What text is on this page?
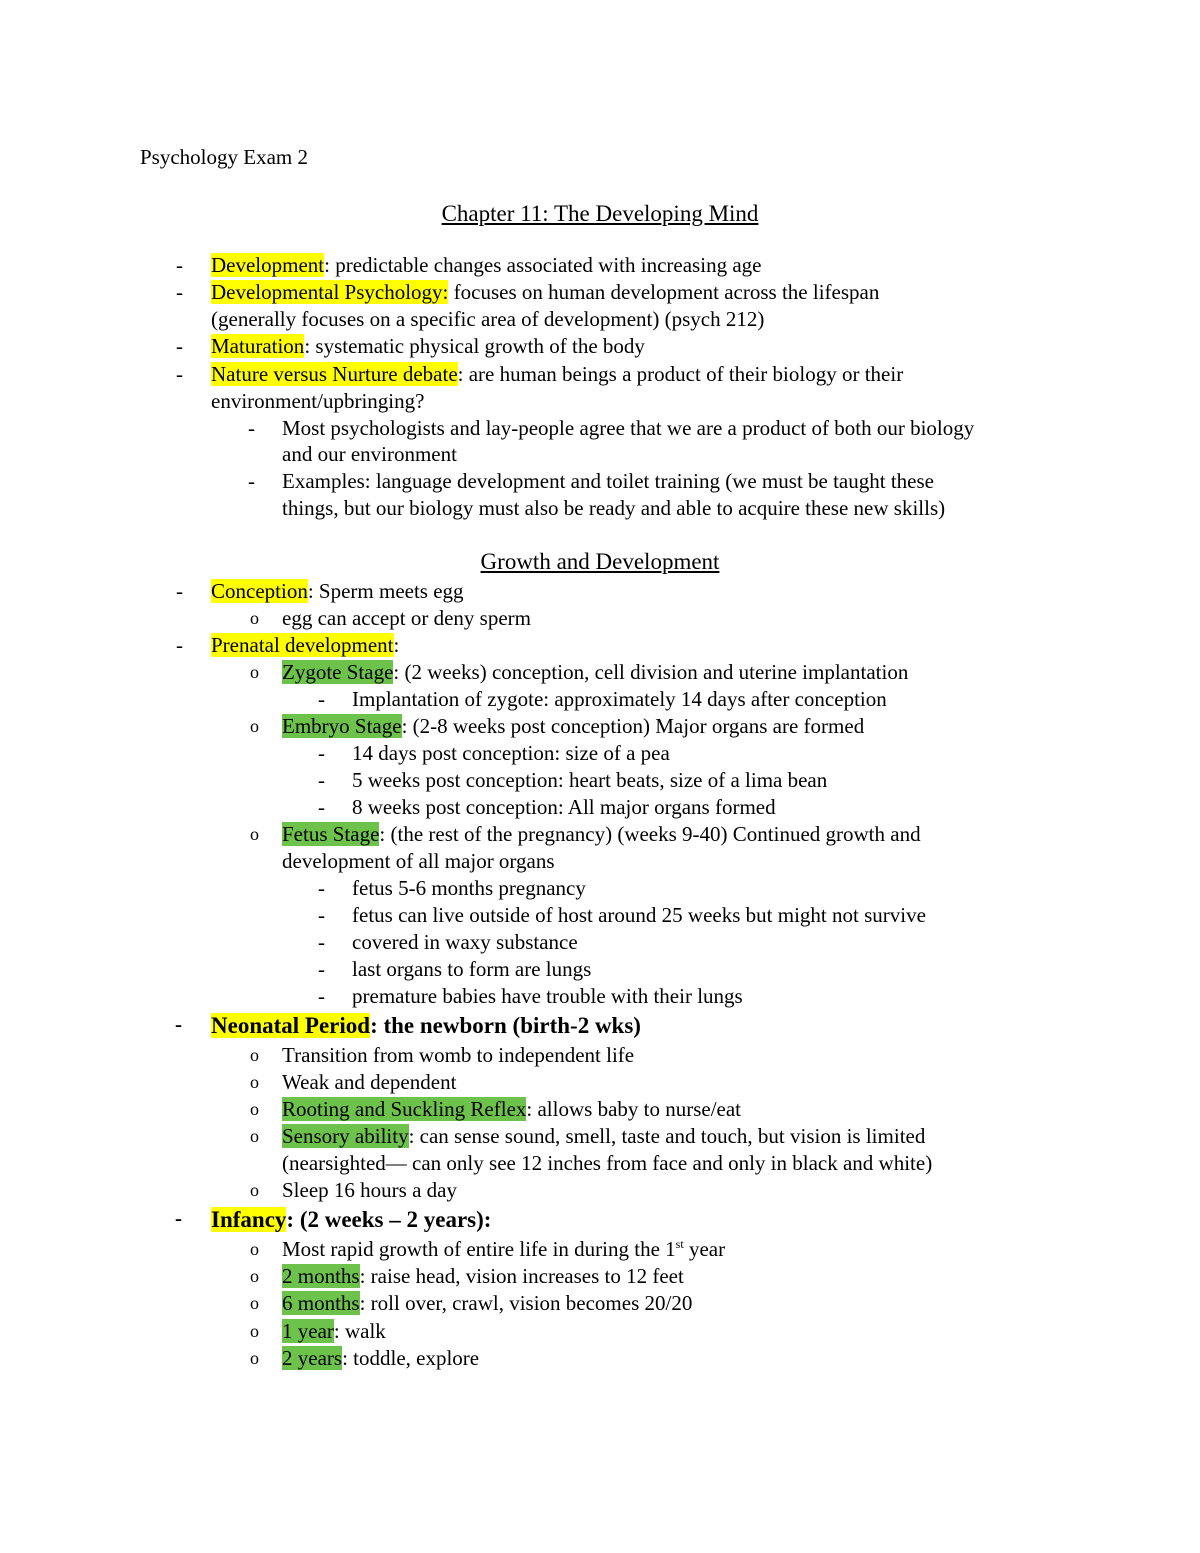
Psychology Exam 2
Chapter 11: The Developing Mind
- Development: predictable changes associated with increasing age
- Developmental Psychology: focuses on human development across the lifespan
(generally focuses on a specific area of development) (psych 212)
- Maturation: systematic physical growth of the body
- Nature versus Nurture debate: are human beings a product of their biology or their
environment/upbringing?
- Most psychologists and lay-people agree that we are a product of both our biology
and our environment
- Examples: language development and toilet training (we must be taught these
things, but our biology must also be ready and able to acquire these new skills)
Growth and Development
- Conception: Sperm meets egg
o egg can accept or deny sperm
- Prenatal development:
o Zygote Stage: (2 weeks) conception, cell division and uterine implantation
- Implantation of zygote: approximately 14 days after conception
o Embryo Stage: (2-8 weeks post conception) Major organs are formed
- 14 days post conception: size of a pea
- 5 weeks post conception: heart beats, size of a lima bean
- 8 weeks post conception: All major organs formed
o Fetus Stage: (the rest of the pregnancy) (weeks 9-40) Continued growth and
development of all major organs
- fetus 5-6 months pregnancy
- fetus can live outside of host around 25 weeks but might not survive
- covered in waxy substance
- last organs to form are lungs
- premature babies have trouble with their lungs
- Neonatal Period: the newborn (birth-2 wks)
o Transition from womb to independent life
o Weak and dependent
o Rooting and Suckling Reflex: allows baby to nurse/eat
o Sensory ability: can sense sound, smell, taste and touch, but vision is limited
(nearsighted— can only see 12 inches from face and only in black and white)
o Sleep 16 hours a day
- Infancy: (2 weeks – 2 years):
o Most rapid growth of entire life in during the 1st year
o 2 months: raise head, vision increases to 12 feet
o 6 months: roll over, crawl, vision becomes 20/20
o 1 year: walk
o 2 years: toddle, explore
